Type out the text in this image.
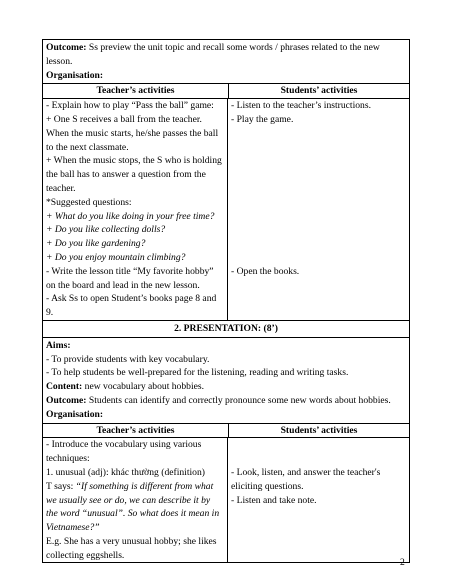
Outcome: Ss preview the unit topic and recall some words / phrases related to the new lesson.
Organisation:
Teacher’s activities	Students’ activities
- Explain how to play “Pass the ball” game:
+ One S receives a ball from the teacher. When the music starts, he/she passes the ball to the next classmate.
+ When the music stops, the S who is holding the ball has to answer a question from the teacher.
*Suggested questions:
+ What do you like doing in your free time?
+ Do you like collecting dolls?
+ Do you like gardening?
+ Do you enjoy mountain climbing?
- Write the lesson title “My favorite hobby” on the board and lead in the new lesson.
- Ask Ss to open Student’s books page 8 and 9.
- Listen to the teacher’s instructions.
- Play the game.
- Open the books.
2. PRESENTATION: (8’)
Aims:
- To provide students with key vocabulary.
- To help students be well-prepared for the listening, reading and writing tasks.
Content: new vocabulary about hobbies.
Outcome: Students can identify and correctly pronounce some new words about hobbies.
Organisation:
Teacher’s activities	Students’ activities
- Introduce the vocabulary using various techniques:
1. unusual (adj): khác thường (definition)
T says: “If something is different from what we usually see or do, we can describe it by the word “unusual”. So what does it mean in Vietnamese?”
E.g. She has a very unusual hobby; she likes collecting eggshells.
- Look, listen, and answer the teacher's eliciting questions.
- Listen and take note.
2
